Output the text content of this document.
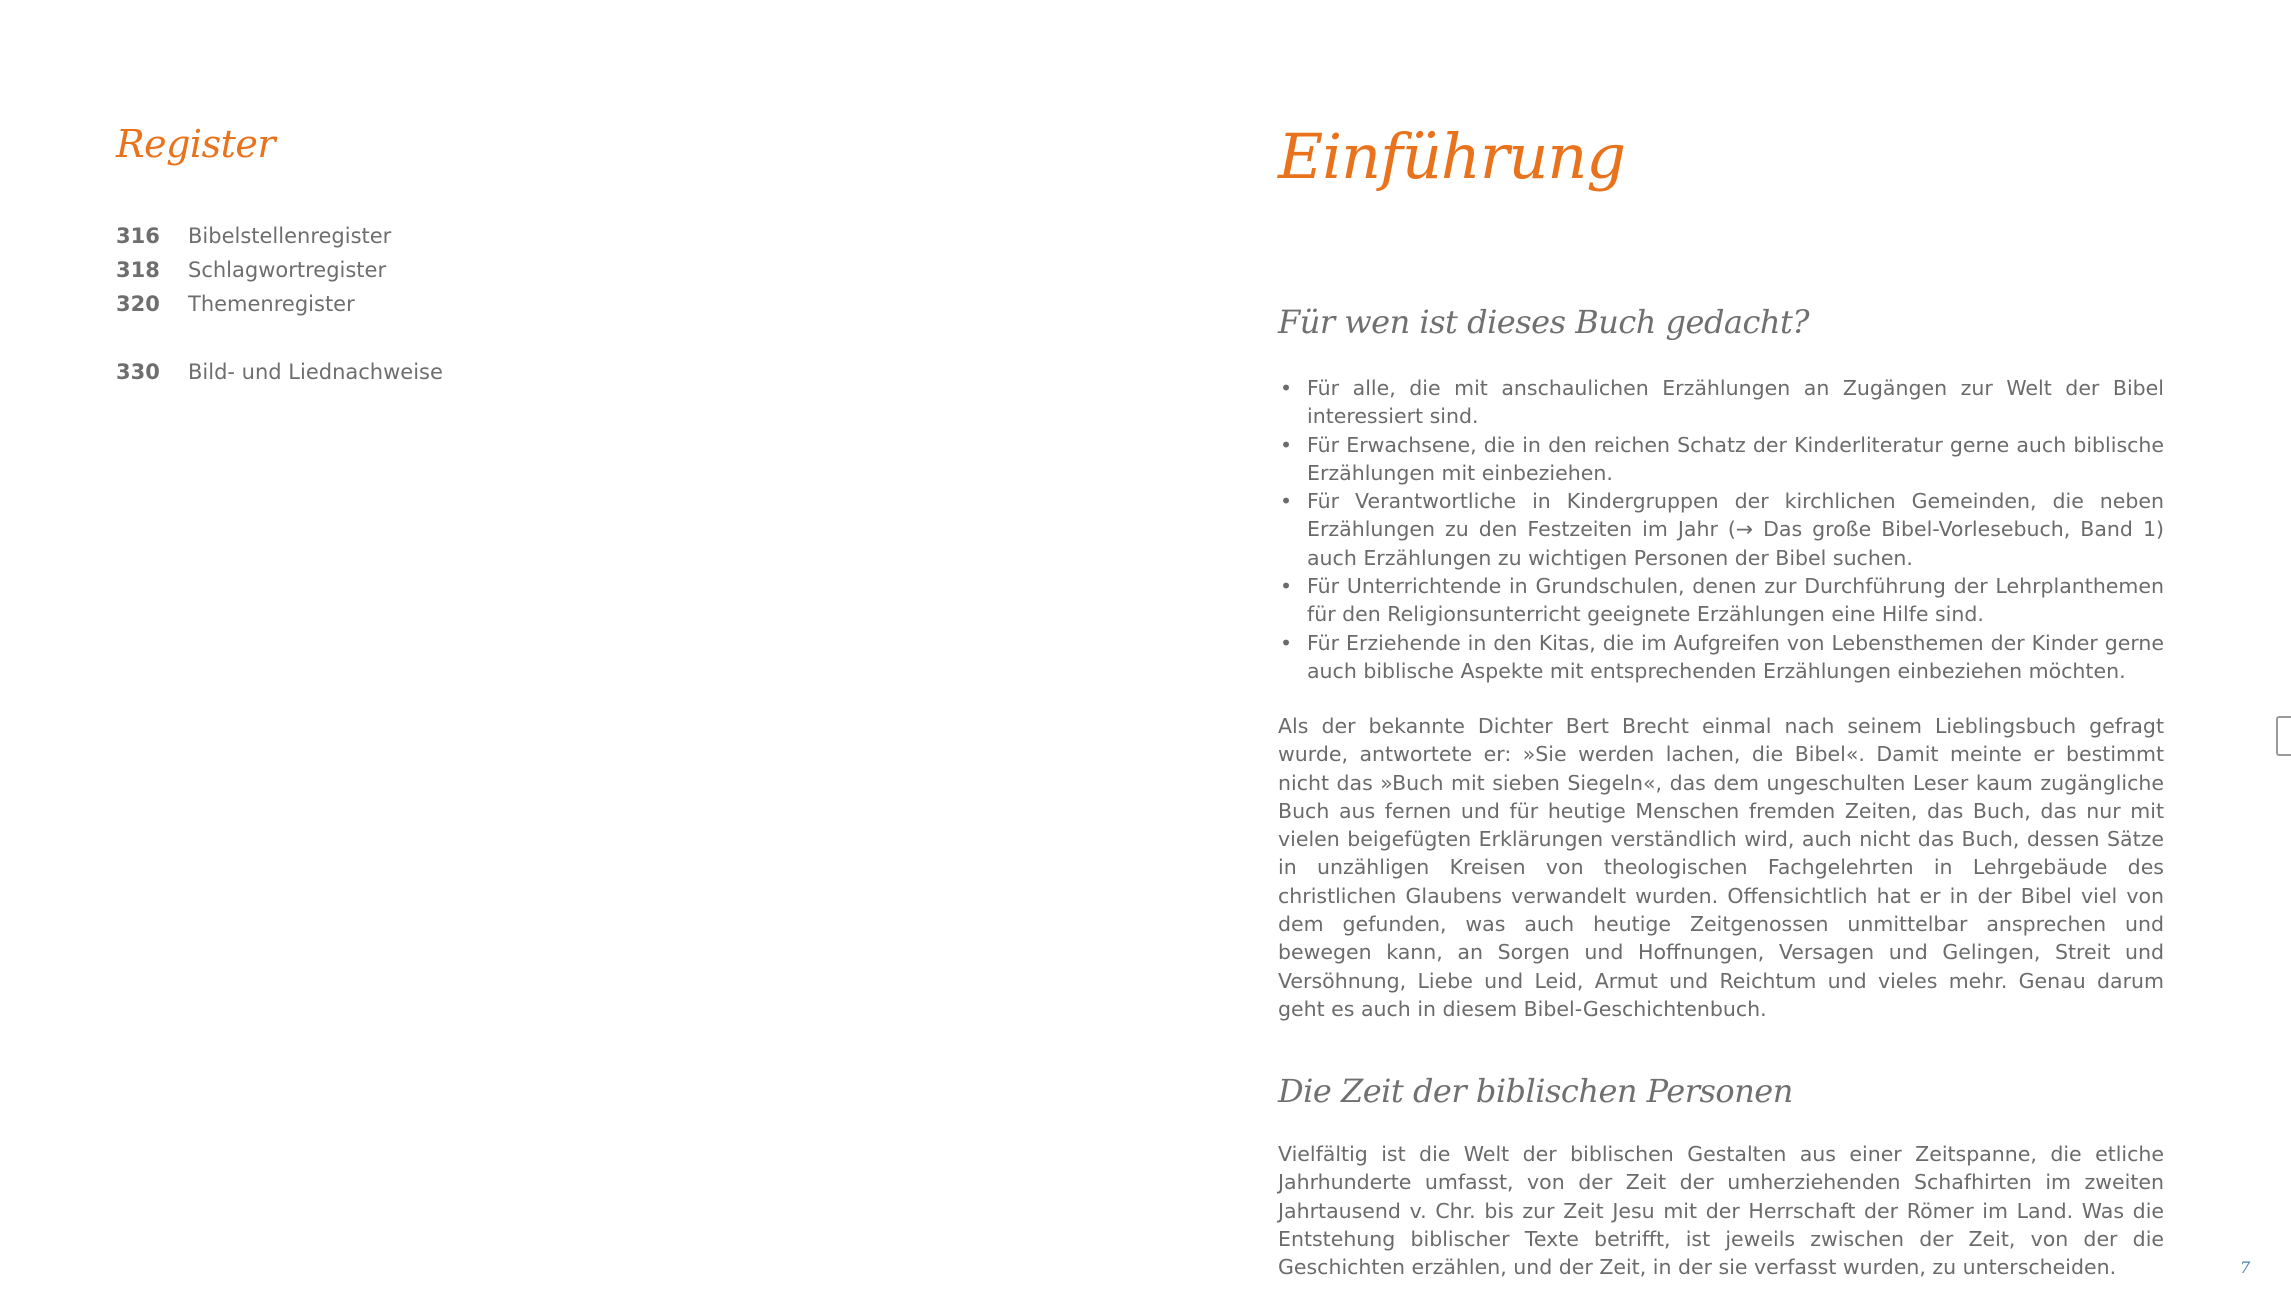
Register
316	Bibelstellenregister
318	Schlagwortregister
320	Themenregister
330	Bild- und Liednachweise
Einführung
Für wen ist dieses Buch gedacht?
• Für alle, die mit anschaulichen Erzählungen an Zugängen zur Welt der Bibel interessiert sind.
• Für Erwachsene, die in den reichen Schatz der Kinderliteratur gerne auch biblische Erzählungen mit einbeziehen.
• Für Verantwortliche in Kindergruppen der kirchlichen Gemeinden, die neben Erzählungen zu den Festzeiten im Jahr (→ Das große Bibel-Vorlesebuch, Band 1) auch Erzählungen zu wichtigen Personen der Bibel suchen.
• Für Unterrichtende in Grundschulen, denen zur Durchführung der Lehrplanthemen für den Religionsunterricht geeignete Erzählungen eine Hilfe sind.
• Für Erziehende in den Kitas, die im Aufgreifen von Lebensthemen der Kinder gerne auch biblische Aspekte mit entsprechenden Erzählungen einbeziehen möchten.

Als der bekannte Dichter Bert Brecht einmal nach seinem Lieblingsbuch gefragt wurde, antwortete er: »Sie werden lachen, die Bibel«. Damit meinte er bestimmt nicht das »Buch mit sieben Siegeln«, das dem ungeschulten Leser kaum zugängliche Buch aus fernen und für heutige Menschen fremden Zeiten, das Buch, das nur mit vielen beigefügten Erklärungen verständlich wird, auch nicht das Buch, dessen Sätze in unzähligen Kreisen von theologischen Fachgelehrten in Lehrgebäude des christlichen Glaubens verwandelt wurden. Offensichtlich hat er in der Bibel viel von dem gefunden, was auch heutige Zeitgenossen unmittelbar ansprechen und bewegen kann, an Sorgen und Hoffnungen, Versagen und Gelingen, Streit und Versöhnung, Liebe und Leid, Armut und Reichtum und vieles mehr. Genau darum geht es auch in diesem Bibel-Geschichtenbuch.

Die Zeit der biblischen Personen

Vielfältig ist die Welt der biblischen Gestalten aus einer Zeitspanne, die etliche Jahrhunderte umfasst, von der Zeit der umherziehenden Schafhirten im zweiten Jahrtausend v. Chr. bis zur Zeit Jesu mit der Herrschaft der Römer im Land. Was die Entstehung biblischer Texte betrifft, ist jeweils zwischen der Zeit, von der die Geschichten erzählen, und der Zeit, in der sie verfasst wurden, zu unterscheiden.	7
